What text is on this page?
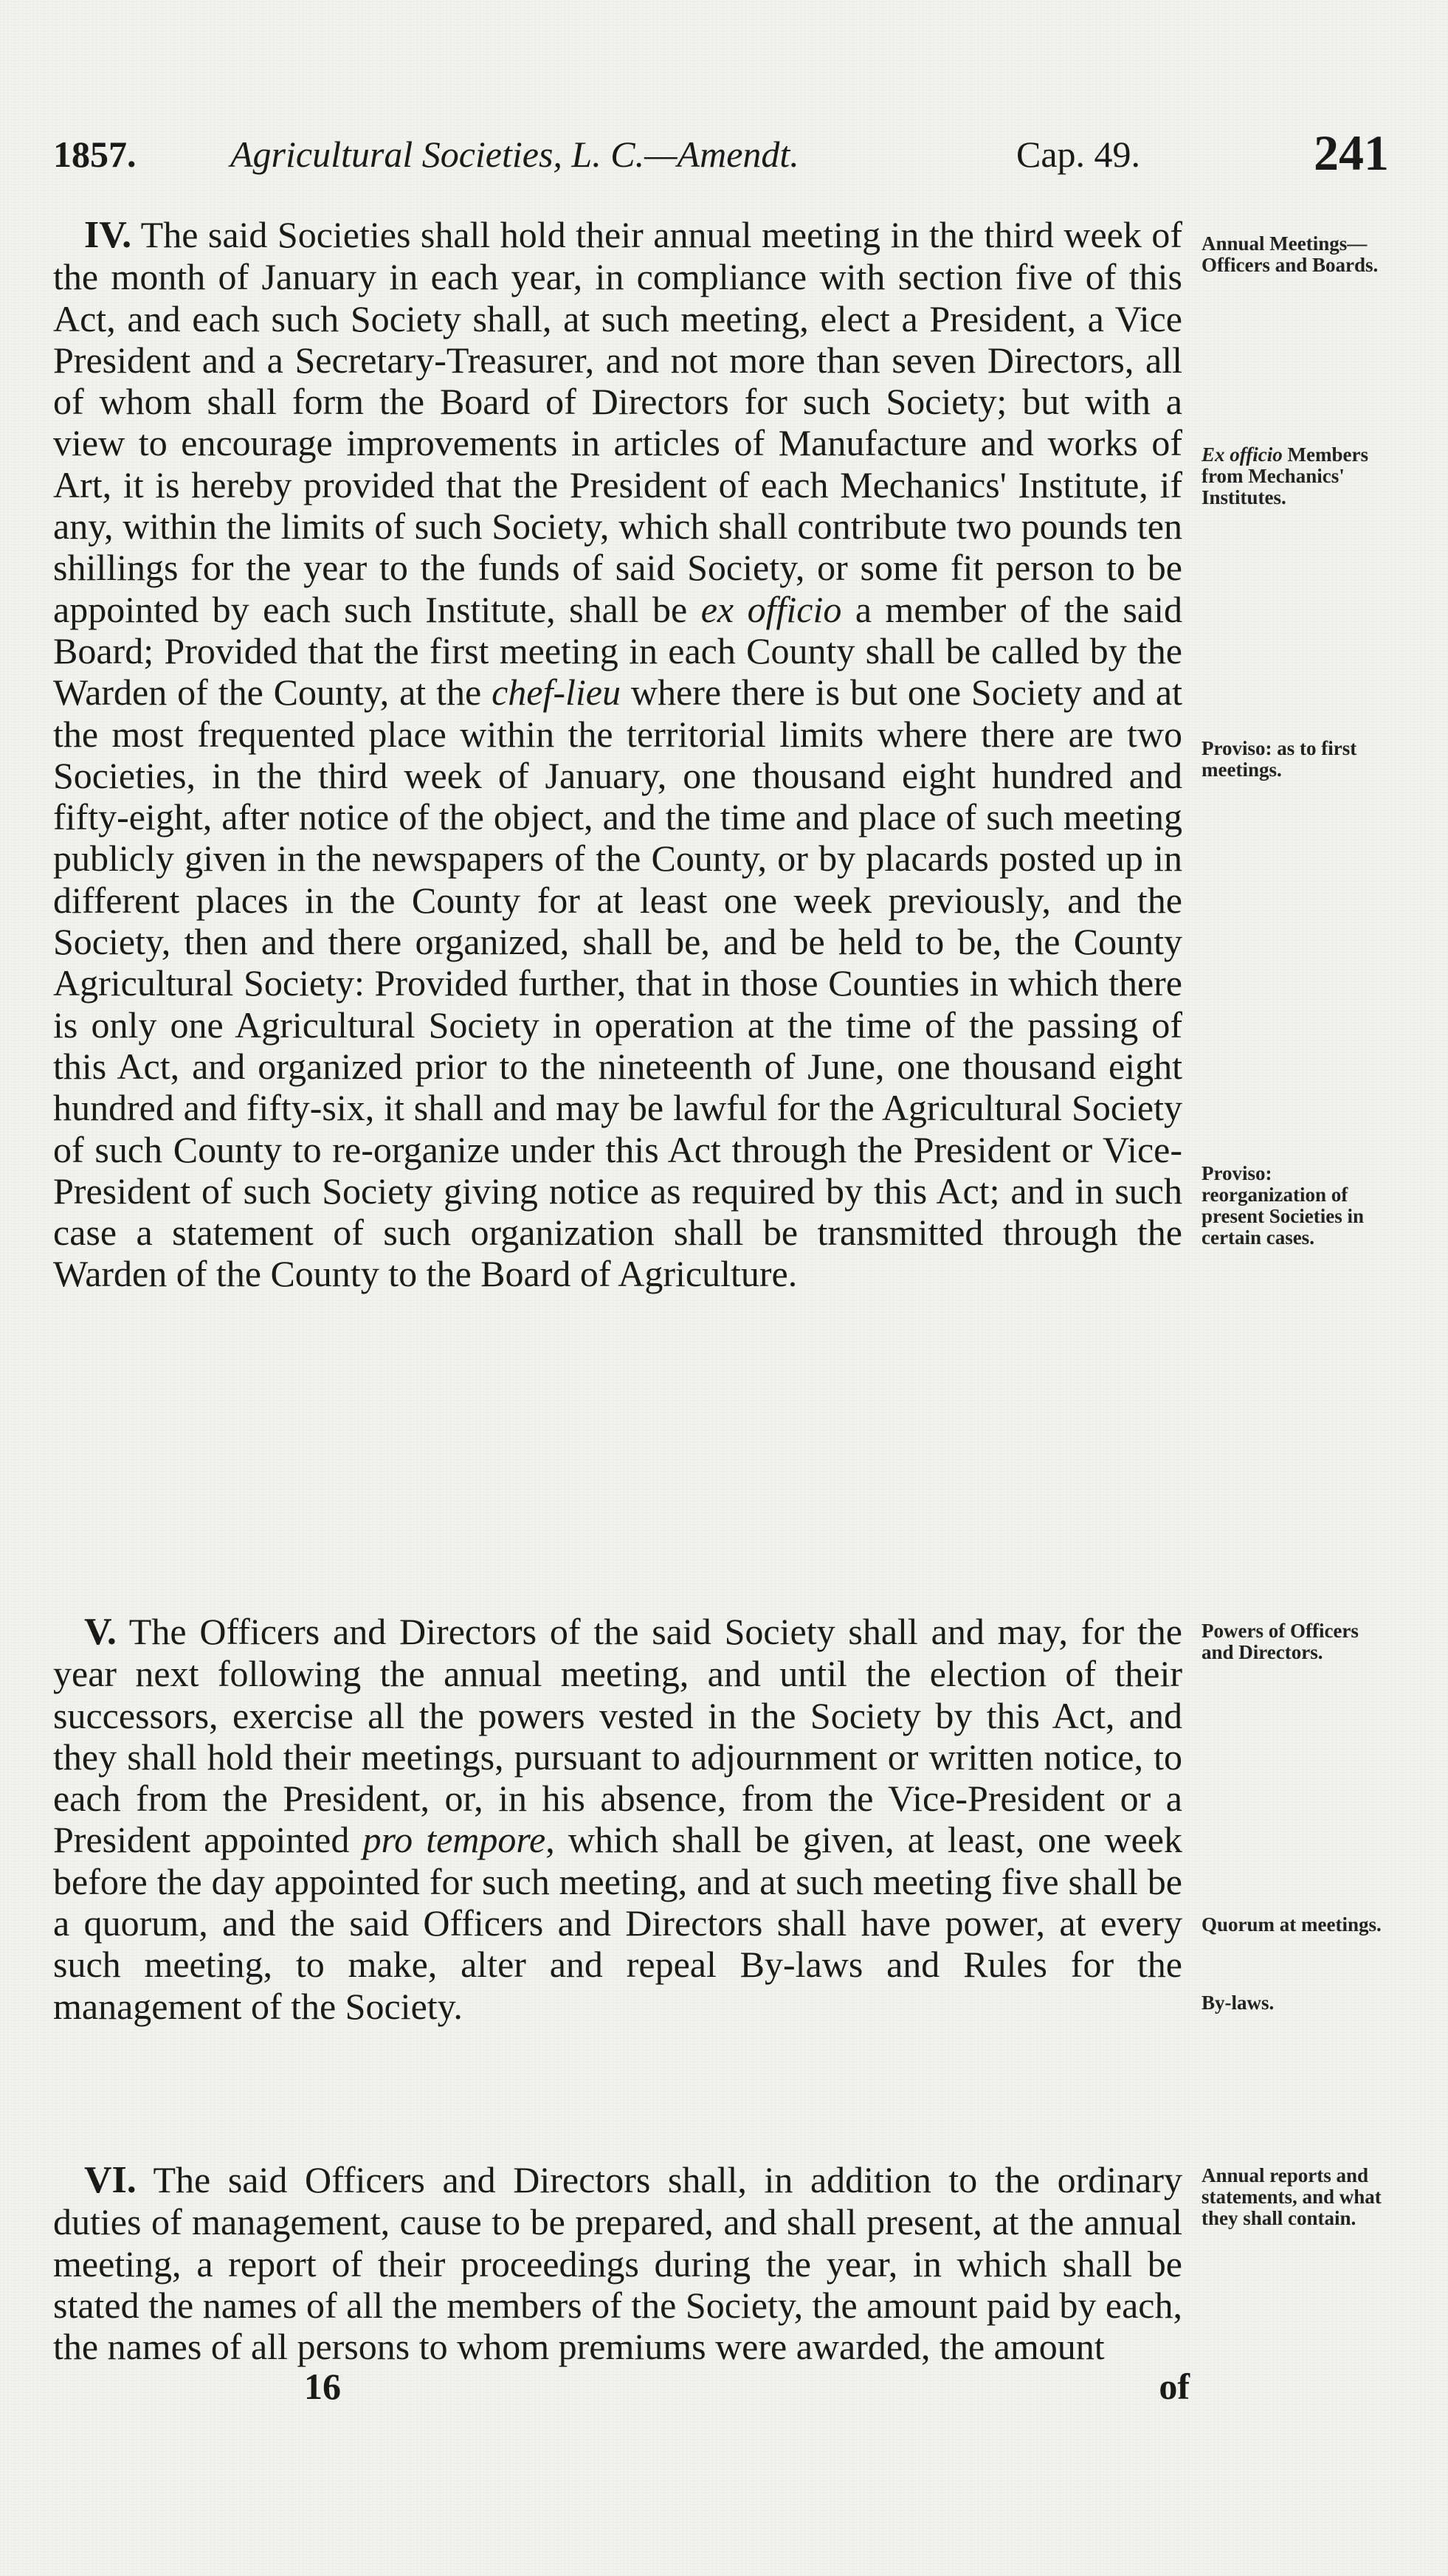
1857.	Agricultural Societies, L. C.—Amendt.	Cap. 49.	241

IV. The said Societies shall hold their annual meeting in the third week of the month of January in each year, in compliance with section five of this Act, and each such Society shall, at such meeting, elect a President, a Vice President and a Secretary-Treasurer, and not more than seven Directors, all of whom shall form the Board of Directors for such Society; but with a view to encourage improvements in articles of Manufacture and works of Art, it is hereby provided that the President of each Mechanics' Institute, if any, within the limits of such Society, which shall contribute two pounds ten shillings for the year to the funds of said Society, or some fit person to be appointed by each such Institute, shall be ex officio a member of the said Board; Provided that the first meeting in each County shall be called by the Warden of the County, at the chef-lieu where there is but one Society and at the most frequented place within the territorial limits where there are two Societies, in the third week of January, one thousand eight hundred and fifty-eight, after notice of the object, and the time and place of such meeting publicly given in the newspapers of the County, or by placards posted up in different places in the County for at least one week previously, and the Society, then and there organized, shall be, and be held to be, the County Agricultural Society: Provided further, that in those Counties in which there is only one Agricultural Society in operation at the time of the passing of this Act, and organized prior to the nineteenth of June, one thousand eight hundred and fifty-six, it shall and may be lawful for the Agricultural Society of such County to re-organize under this Act through the President or Vice-President of such Society giving notice as required by this Act; and in such case a statement of such organization shall be transmitted through the Warden of the County to the Board of Agriculture.

V. The Officers and Directors of the said Society shall and may, for the year next following the annual meeting, and until the election of their successors, exercise all the powers vested in the Society by this Act, and they shall hold their meetings, pursuant to adjournment or written notice, to each from the President, or, in his absence, from the Vice-President or a President appointed pro tempore, which shall be given, at least, one week before the day appointed for such meeting, and at such meeting five shall be a quorum, and the said Officers and Directors shall have power, at every such meeting, to make, alter and repeal By-laws and Rules for the management of the Society.

VI. The said Officers and Directors shall, in addition to the ordinary duties of management, cause to be prepared, and shall present, at the annual meeting, a report of their proceedings during the year, in which shall be stated the names of all the members of the Society, the amount paid by each, the names of all persons to whom premiums were awarded, the amount

Annual Meetings—Officers and Boards.
Ex officio Members from Mechanics' Institutes.
Proviso: as to first meetings.
Proviso: reorganization of present Societies in certain cases.
Powers of Officers and Directors.
Quorum at meetings.
By-laws.
Annual reports and statements, and what they shall contain.
16	of
